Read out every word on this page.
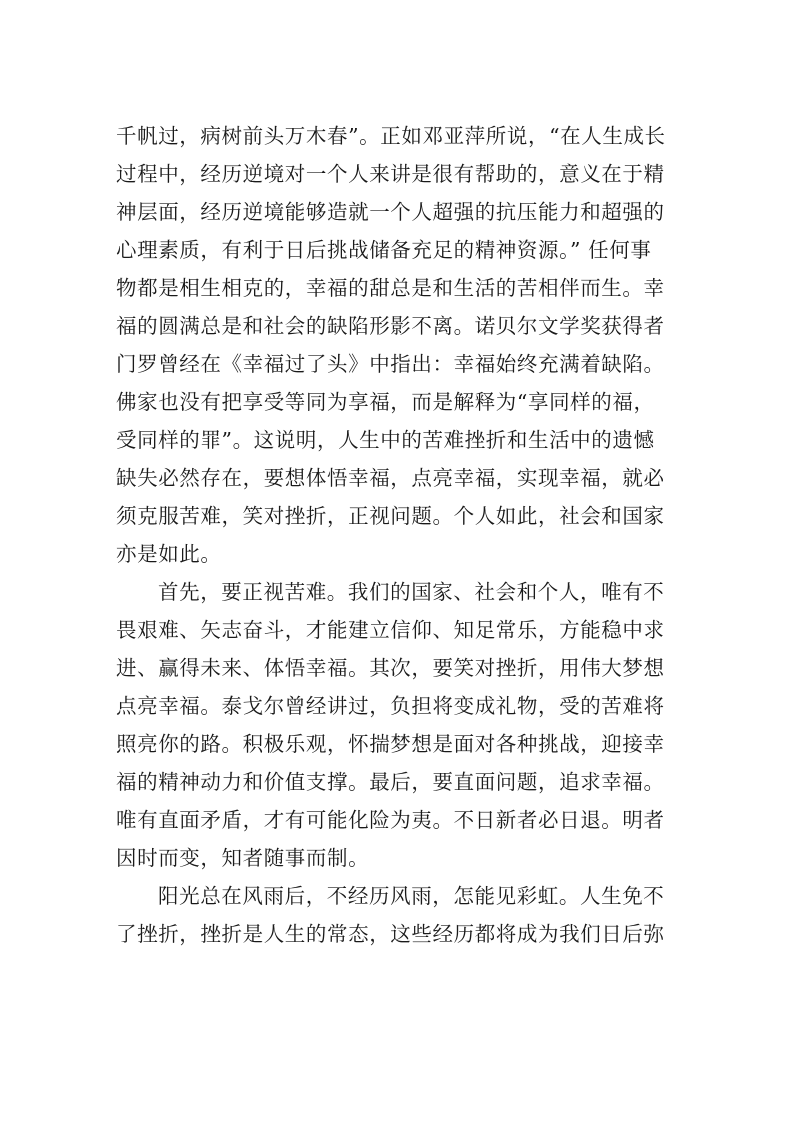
千帆过，病树前头万木春”。正如邓亚萍所说，“在人生成长
过程中，经历逆境对一个人来讲是很有帮助的，意义在于精
神层面，经历逆境能够造就一个人超强的抗压能力和超强的
心理素质，有利于日后挑战储备充足的精神资源。” 任何事
物都是相生相克的，幸福的甜总是和生活的苦相伴而生。幸
福的圆满总是和社会的缺陷形影不离。诺贝尔文学奖获得者
门罗曾经在《幸福过了头》中指出：幸福始终充满着缺陷。
佛家也没有把享受等同为享福，而是解释为“享同样的福，
受同样的罪”。这说明，人生中的苦难挫折和生活中的遗憾
缺失必然存在，要想体悟幸福，点亮幸福，实现幸福，就必
须克服苦难，笑对挫折，正视问题。个人如此，社会和国家
亦是如此。
首先，要正视苦难。我们的国家、社会和个人，唯有不
畏艰难、矢志奋斗，才能建立信仰、知足常乐，方能稳中求
进、赢得未来、体悟幸福。其次，要笑对挫折，用伟大梦想
点亮幸福。泰戈尔曾经讲过，负担将变成礼物，受的苦难将
照亮你的路。积极乐观，怀揣梦想是面对各种挑战，迎接幸
福的精神动力和价值支撑。最后，要直面问题，追求幸福。
唯有直面矛盾，才有可能化险为夷。不日新者必日退。明者
因时而变，知者随事而制。
阳光总在风雨后，不经历风雨，怎能见彩虹。人生免不
了挫折，挫折是人生的常态，这些经历都将成为我们日后弥
